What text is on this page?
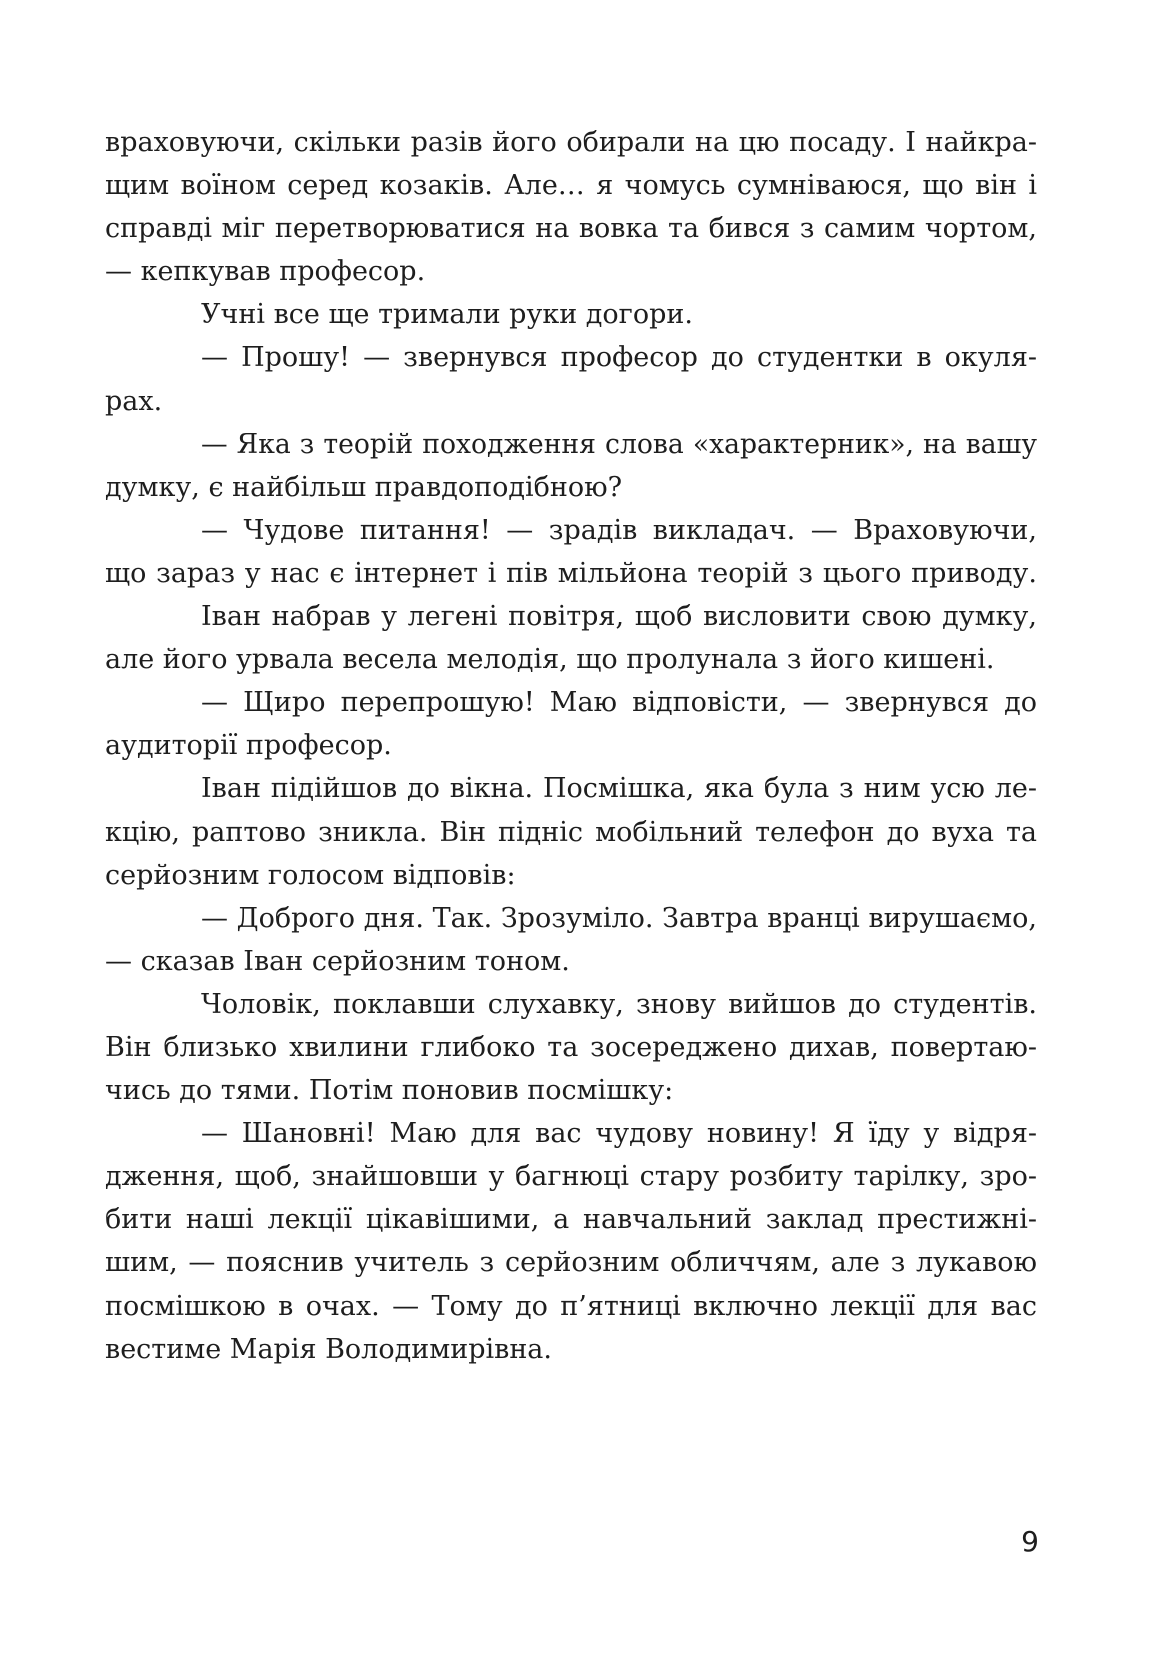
враховуючи, скільки разів його обирали на цю посаду. І найкра-
щим воїном серед козаків. Але… я чомусь сумніваюся, що він і
справді міг перетворюватися на вовка та бився з самим чортом,
— кепкував професор.
Учні все ще тримали руки догори.
— Прошу! — звернувся професор до студентки в окуля-
рах.
— Яка з теорій походження слова «характерник», на вашу
думку, є найбільш правдоподібною?
— Чудове питання! — зрадів викладач. — Враховуючи,
що зараз у нас є інтернет і пів мільйона теорій з цього приводу.
Іван набрав у легені повітря, щоб висловити свою думку,
але його урвала весела мелодія, що пролунала з його кишені.
— Щиро перепрошую! Маю відповісти, — звернувся до
аудиторії професор.
Іван підійшов до вікна. Посмішка, яка була з ним усю ле-
кцію, раптово зникла. Він підніс мобільний телефон до вуха та
серйозним голосом відповів:
— Доброго дня. Так. Зрозуміло. Завтра вранці вирушаємо,
— сказав Іван серйозним тоном.
Чоловік, поклавши слухавку, знову вийшов до студентів.
Він близько хвилини глибоко та зосереджено дихав, повертаю-
чись до тями. Потім поновив посмішку:
— Шановні! Маю для вас чудову новину! Я їду у відря-
дження, щоб, знайшовши у багнюці стару розбиту тарілку, зро-
бити наші лекції цікавішими, а навчальний заклад престижні-
шим, — пояснив учитель з серйозним обличчям, але з лукавою
посмішкою в очах. — Тому до п’ятниці включно лекції для вас
вестиме Марія Володимирівна.
9
